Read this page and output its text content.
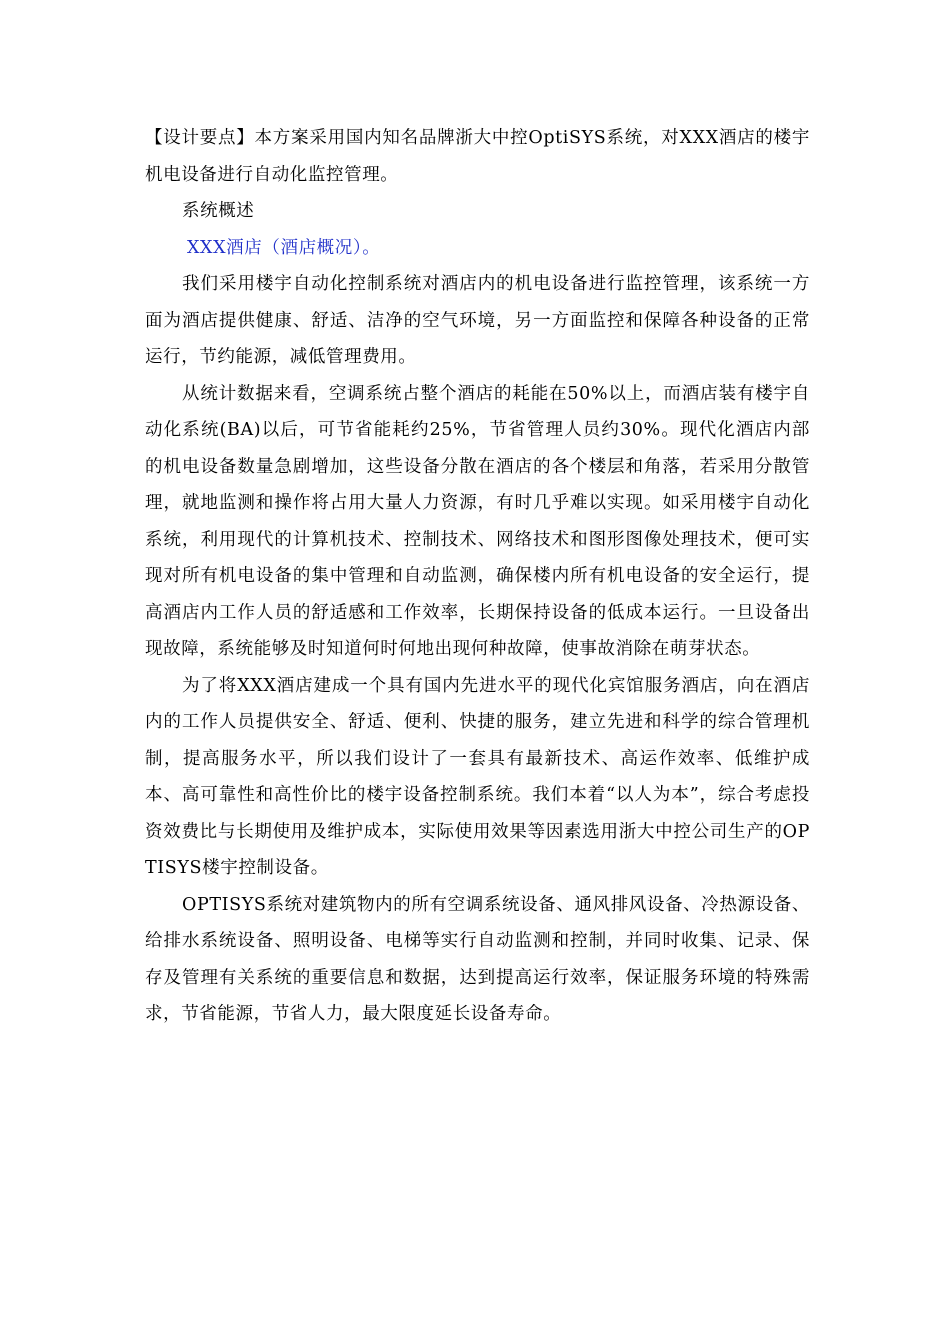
【设计要点】本方案采用国内知名品牌浙大中控OptiSYS系统，对XXX酒店的楼宇机电设备进行自动化监控管理。

系统概述

XXX酒店（酒店概况）。

我们采用楼宇自动化控制系统对酒店内的机电设备进行监控管理，该系统一方面为酒店提供健康、舒适、洁净的空气环境，另一方面监控和保障各种设备的正常运行，节约能源，减低管理费用。

从统计数据来看，空调系统占整个酒店的耗能在50%以上，而酒店装有楼宇自动化系统(BA)以后，可节省能耗约25%，节省管理人员约30%。现代化酒店内部的机电设备数量急剧增加，这些设备分散在酒店的各个楼层和角落，若采用分散管理，就地监测和操作将占用大量人力资源，有时几乎难以实现。如采用楼宇自动化系统，利用现代的计算机技术、控制技术、网络技术和图形图像处理技术，便可实现对所有机电设备的集中管理和自动监测，确保楼内所有机电设备的安全运行，提高酒店内工作人员的舒适感和工作效率，长期保持设备的低成本运行。一旦设备出现故障，系统能够及时知道何时何地出现何种故障，使事故消除在萌芽状态。

为了将XXX酒店建成一个具有国内先进水平的现代化宾馆服务酒店，向在酒店内的工作人员提供安全、舒适、便利、快捷的服务，建立先进和科学的综合管理机制，提高服务水平，所以我们设计了一套具有最新技术、高运作效率、低维护成本、高可靠性和高性价比的楼宇设备控制系统。我们本着“以人为本”，综合考虑投资效费比与长期使用及维护成本，实际使用效果等因素选用浙大中控公司生产的OPTISYS楼宇控制设备。

OPTISYS系统对建筑物内的所有空调系统设备、通风排风设备、冷热源设备、给排水系统设备、照明设备、电梯等实行自动监测和控制，并同时收集、记录、保存及管理有关系统的重要信息和数据，达到提高运行效率，保证服务环境的特殊需求，节省能源，节省人力，最大限度延长设备寿命。
